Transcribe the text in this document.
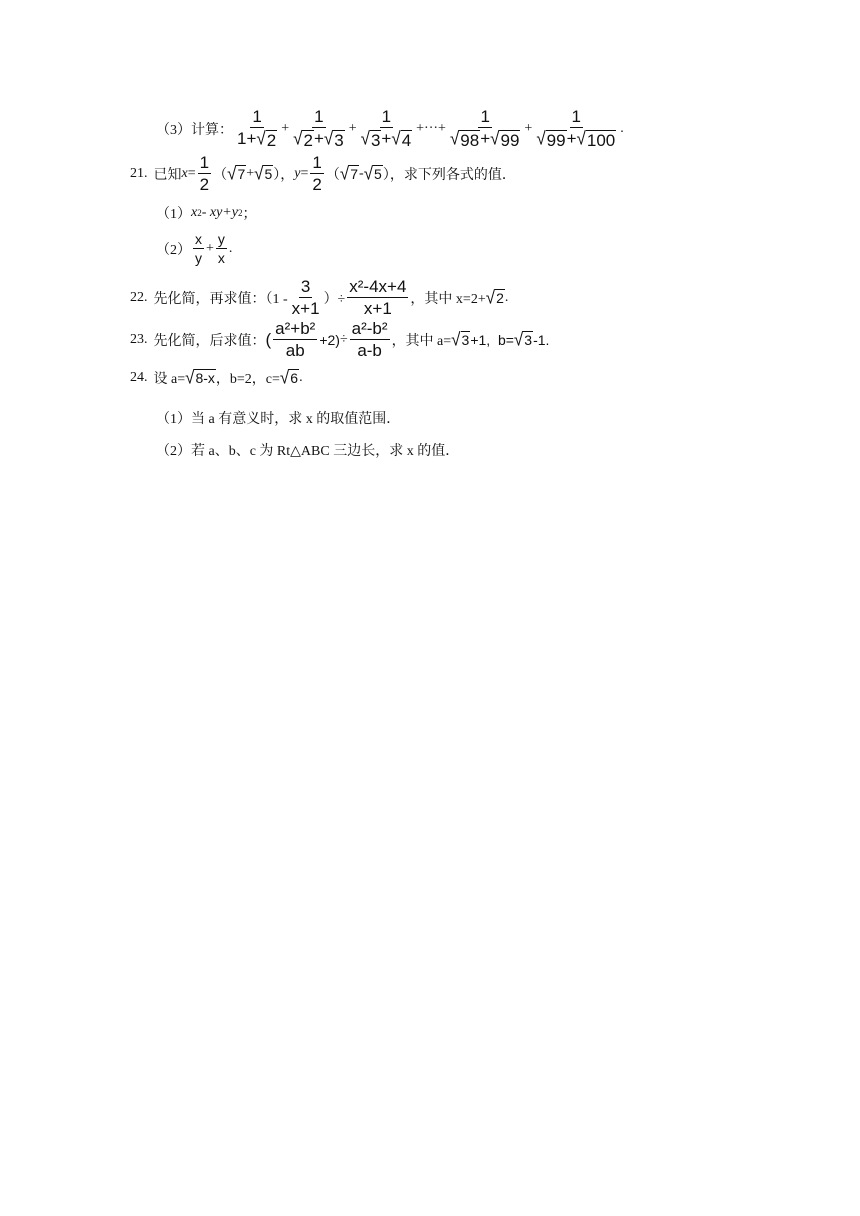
（3）计算： $\frac{1}{1+ √ 2} + \frac{1}{√ 2 + √ 3} + \frac{1}{√ 3 + √ 4}$ +···+ $\frac{1}{√ 98 + √ 99} + \frac{1}{√ 99 + √ 100}$ .
21. 已知 $x = \frac{1}{2}$ （ √ 7 + √ 5 ）， $y = \frac{1}{2}$ （ √ 7 - √ 5 ），求下列各式的值．
（1） x 2 - xy+y 2 ；
$(2) \frac{x}{y} + \frac{y}{x}$ .
22. 先化简，再求值：（$1 - \frac{3}{x+1}$ ）÷ $\frac{\text{x²-4x+4}}{x+1}$ ，其中 x=2+ √ 2 .
23. 先化简，后求值： ( $\frac{\text{a²+b²}}{ab} +2) \div \frac{\text{a²-b²}}{a-b}$ ，其中 a= √ 3 +1, b= √ 3 -1.
24. 设 a= √ 8-x ，b=2，c= √ 6 .
（1）当 a 有意义时，求 x 的取值范围．
（2）若 a、b、c 为 Rt△ABC 三边长，求 x 的值．
